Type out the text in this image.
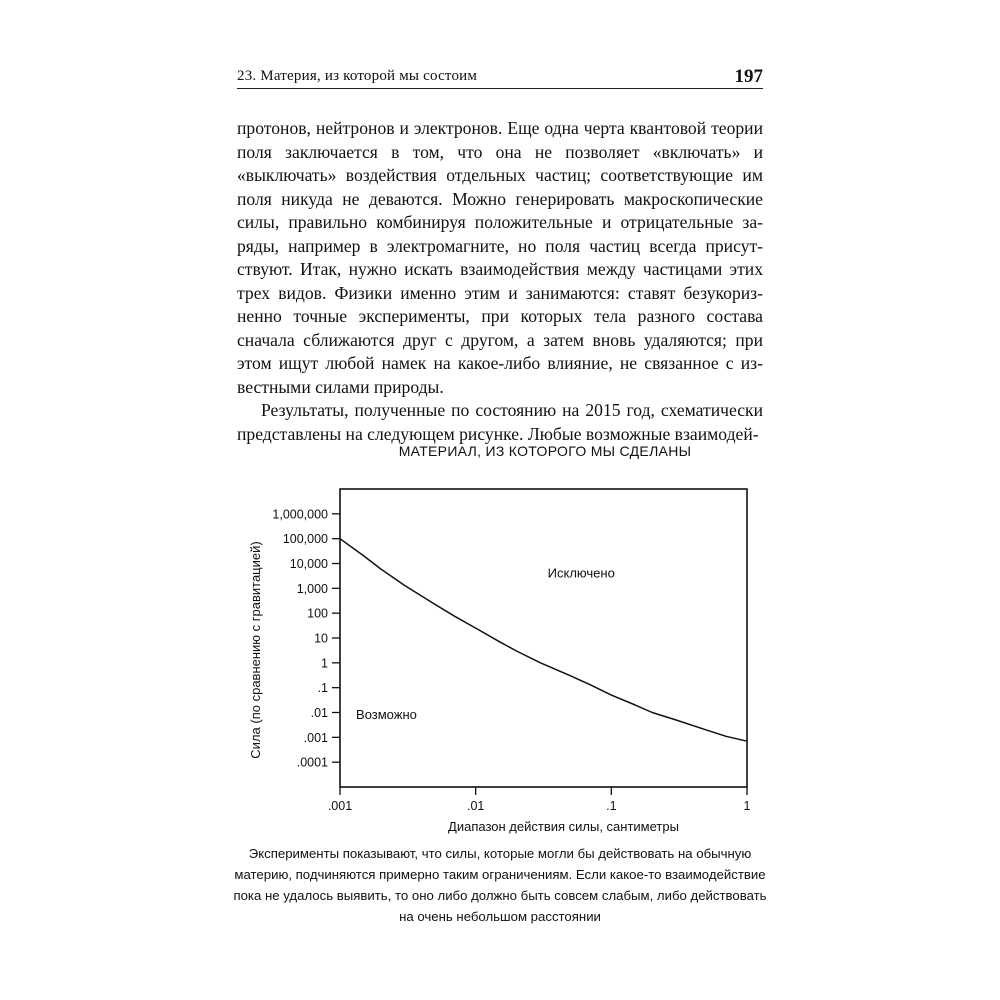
23. Материя, из которой мы состоим	197

протонов, нейтронов и электронов. Еще одна черта квантовой теории поля заключается в том, что она не позволяет «включать» и «выключать» воздействия отдельных частиц; соответствующие им поля никуда не деваются. Можно генерировать макроскопические силы, правильно комбинируя положительные и отрицательные заряды, например в электромагните, но поля частиц всегда присутствуют. Итак, нужно искать взаимодействия между частицами этих трех видов. Физики именно этим и занимаются: ставят безукоризненно точные эксперименты, при которых тела разного состава сначала сближаются друг с другом, а затем вновь удаляются; при этом ищут любой намек на какое-либо влияние, не связанное с известными силами природы.

Результаты, полученные по состоянию на 2015 год, схематически представлены на следующем рисунке. Любые возможные взаимодей-

МАТЕРИАЛ, ИЗ КОТОРОГО МЫ СДЕЛАНЫ
1,000,000
100,000
10,000
1,000
100
10
1
.1
.01
.001
.0001
.001	.01	.1	1
Исключено
Возможно
Диапазон действия силы, сантиметры
Сила (по сравнению с гравитацией)
Эксперименты показывают, что силы, которые могли бы действовать на обычную материю, подчиняются примерно таким ограничениям. Если какое-то взаимодействие пока не удалось выявить, то оно либо должно быть совсем слабым, либо действовать на очень небольшом расстоянии
